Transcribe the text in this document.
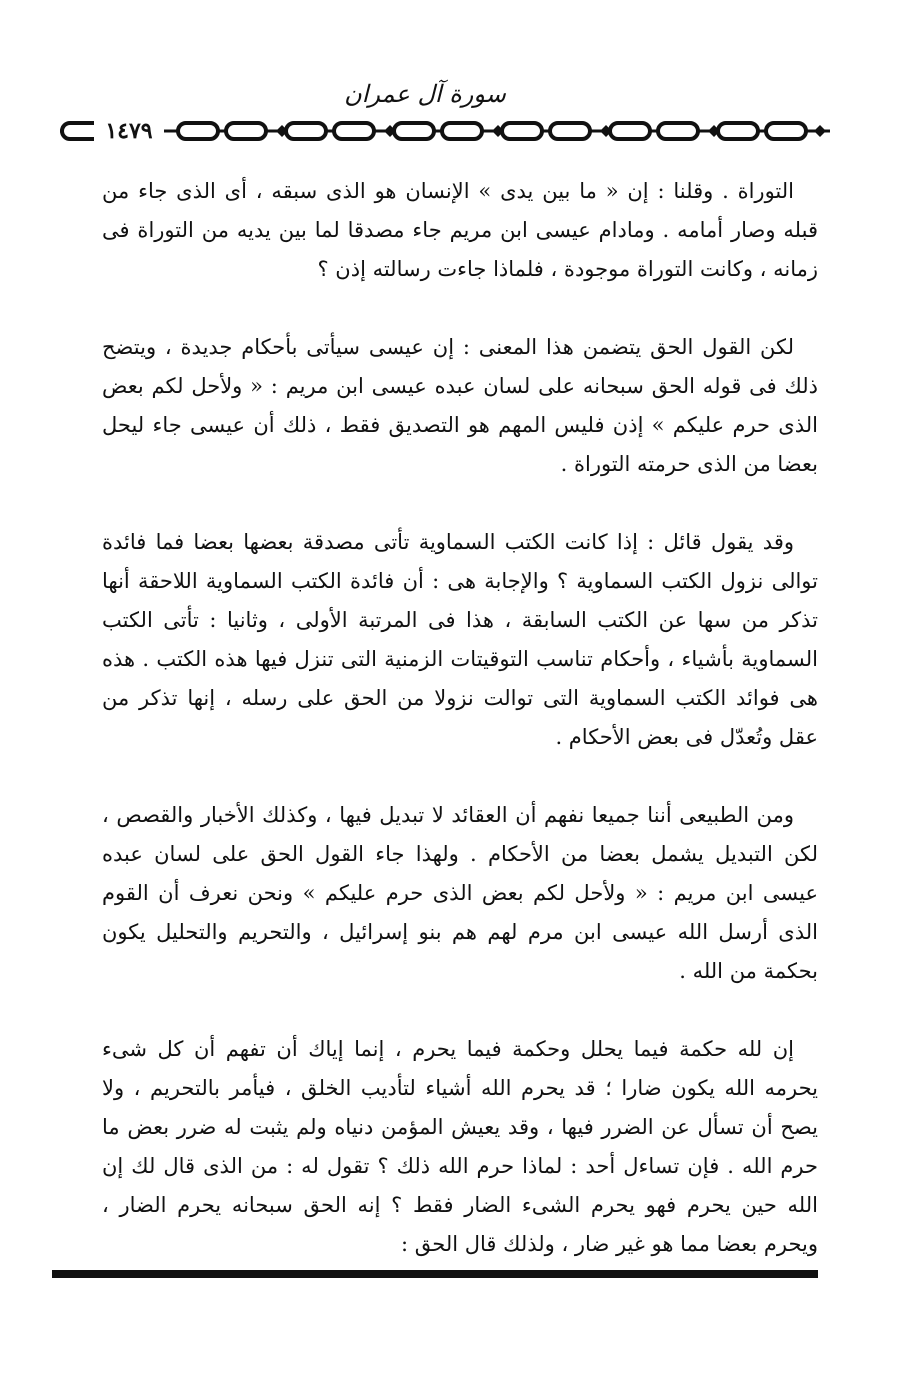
سورة آل عمران
١٤٧٩

التوراة . وقلنا : إن « ما بين يدى » الإنسان هو الذى سبقه ، أى الذى جاء من قبله وصار أمامه . ومادام عيسى ابن مريم جاء مصدقا لما بين يديه من التوراة فى زمانه ، وكانت التوراة موجودة ، فلماذا جاءت رسالته إذن ؟

لكن القول الحق يتضمن هذا المعنى : إن عيسى سيأتى بأحكام جديدة ، ويتضح ذلك فى قوله الحق سبحانه على لسان عبده عيسى ابن مريم : « ولأحل لكم بعض الذى حرم عليكم » إذن فليس المهم هو التصديق فقط ، ذلك أن عيسى جاء ليحل بعضا من الذى حرمته التوراة .

وقد يقول قائل : إذا كانت الكتب السماوية تأتى مصدقة بعضها بعضا فما فائدة توالى نزول الكتب السماوية ؟ والإجابة هى : أن فائدة الكتب السماوية اللاحقة أنها تذكر من سها عن الكتب السابقة ، هذا فى المرتبة الأولى ، وثانيا : تأتى الكتب السماوية بأشياء ، وأحكام تناسب التوقيتات الزمنية التى تنزل فيها هذه الكتب . هذه هى فوائد الكتب السماوية التى توالت نزولا من الحق على رسله ، إنها تذكر من عقل وتُعدّل فى بعض الأحكام .

ومن الطبيعى أننا جميعا نفهم أن العقائد لا تبديل فيها ، وكذلك الأخبار والقصص ، لكن التبديل يشمل بعضا من الأحكام . ولهذا جاء القول الحق على لسان عبده عيسى ابن مريم : « ولأحل لكم بعض الذى حرم عليكم » ونحن نعرف أن القوم الذى أرسل الله عيسى ابن مرم لهم هم بنو إسرائيل ، والتحريم والتحليل يكون بحكمة من الله .

إن لله حكمة فيما يحلل وحكمة فيما يحرم ، إنما إياك أن تفهم أن كل شىء يحرمه الله يكون ضارا ؛ قد يحرم الله أشياء لتأديب الخلق ، فيأمر بالتحريم ، ولا يصح أن تسأل عن الضرر فيها ، وقد يعيش المؤمن دنياه ولم يثبت له ضرر بعض ما حرم الله . فإن تساءل أحد : لماذا حرم الله ذلك ؟ تقول له : من الذى قال لك إن الله حين يحرم فهو يحرم الشىء الضار فقط ؟ إنه الحق سبحانه يحرم الضار ، ويحرم بعضا مما هو غير ضار ، ولذلك قال الحق :
